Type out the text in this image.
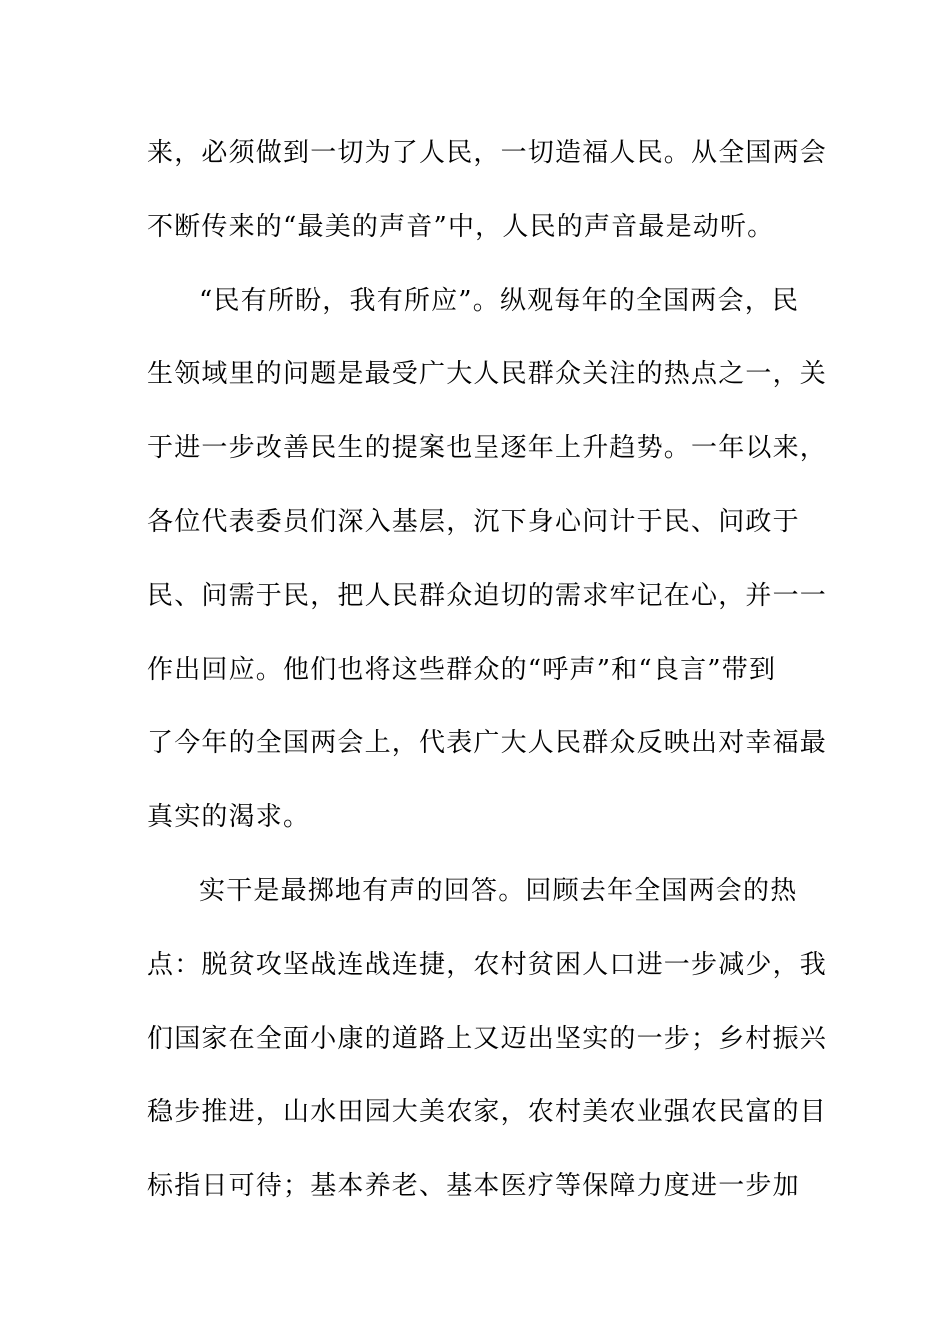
来，必须做到一切为了人民，一切造福人民。从全国两会
不断传来的“最美的声音”中，人民的声音最是动听。
“民有所盼，我有所应”。纵观每年的全国两会，民
生领域里的问题是最受广大人民群众关注的热点之一，关
于进一步改善民生的提案也呈逐年上升趋势。一年以来，
各位代表委员们深入基层，沉下身心问计于民、问政于
民、问需于民，把人民群众迫切的需求牢记在心，并一一
作出回应。他们也将这些群众的“呼声”和“良言”带到
了今年的全国两会上，代表广大人民群众反映出对幸福最
真实的渴求。
实干是最掷地有声的回答。回顾去年全国两会的热
点：脱贫攻坚战连战连捷，农村贫困人口进一步减少，我
们国家在全面小康的道路上又迈出坚实的一步；乡村振兴
稳步推进，山水田园大美农家，农村美农业强农民富的目
标指日可待；基本养老、基本医疗等保障力度进一步加
